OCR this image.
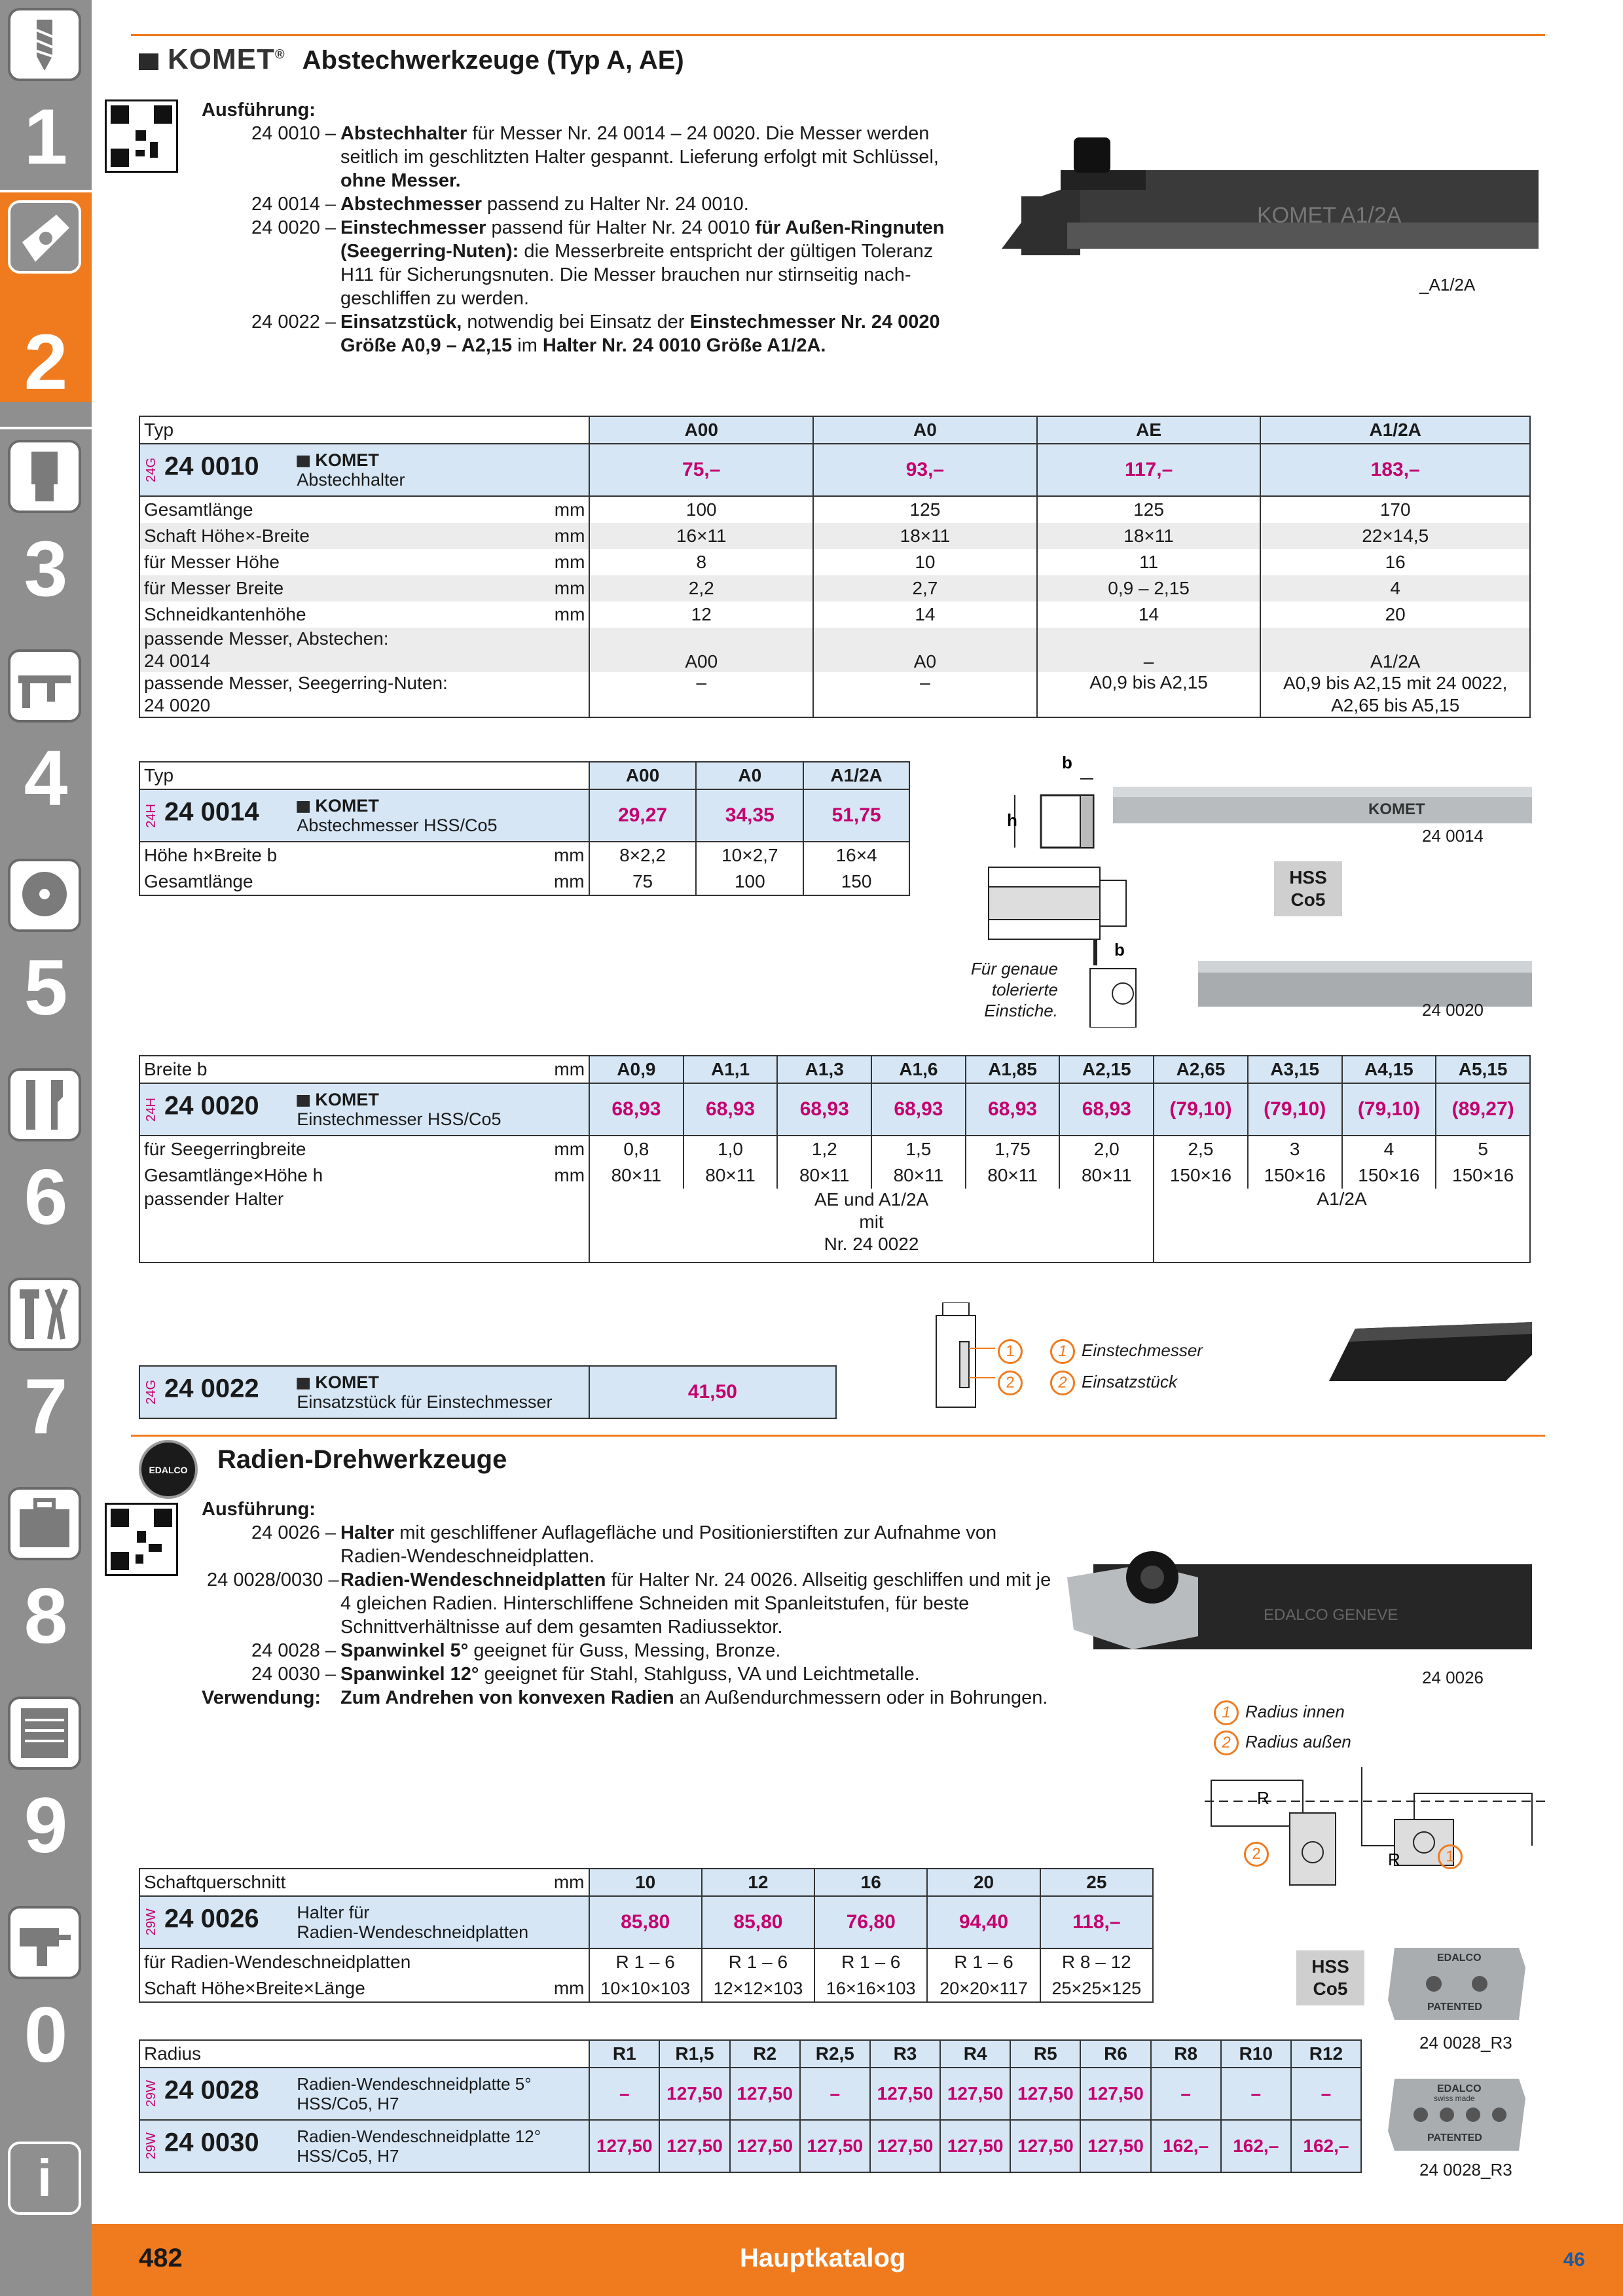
1
2
3
4
5
6
7
8
9
0
i
KOMET® Abstechwerkzeuge (Typ A, AE)
Ausführung:
24 0010 – Abstechhalter für Messer Nr. 24 0014 – 24 0020. Die Messer werden seitlich im geschlitzten Halter gespannt. Lieferung erfolgt mit Schlüssel,
ohne Messer.
24 0014 – Abstechmesser passend zu Halter Nr. 24 0010.
24 0020 – Einstechmesser passend für Halter Nr. 24 0010 für Außen-Ringnuten (Seegerring-Nuten): die Messerbreite entspricht der gültigen Toleranz H11 für Sicherungsnuten. Die Messer brauchen nur stirnseitig nach-geschliffen zu werden.
24 0022 – Einsatzstück, notwendig bei Einsatz der Einstechmesser Nr. 24 0020 Größe A0,9 – A2,15 im Halter Nr. 24 0010 Größe A1/2A.
KOMET A1/2A
_A1/2A
Typ	A00	A0	AE	A1/2A
24G 24 0010 KOMET
Abstechhalter	75,–	93,–	117,–	183,–
Gesamtlänge mm	100	125	125	170
Schaft Höhe×-Breite mm	16×11	18×11	18×11	22×14,5
für Messer Höhe mm	8	10	11	16
für Messer Breite mm	2,2	2,7	0,9 – 2,15	4
Schneidkantenhöhe mm	12	14	14	20
passende Messer, Abstechen:
24 0014	A00	A0	–	A1/2A
passende Messer, Seegerring-Nuten:
24 0020	–	–	A0,9 bis A2,15	A0,9 bis A2,15 mit 24 0022,
A2,65 bis A5,15
Typ	A00	A0	A1/2A
24H 24 0014 KOMET
Abstechmesser HSS/Co5	29,27	34,35	51,75
Höhe h×Breite b mm	8×2,2	10×2,7	16×4
Gesamtlänge mm	75	100	150
b
h
b
KOMET
Für genaue
tolerierte Einstiche.
HSS
Co5
24 0014
24 0020
Breite b mm	A0,9	A1,1	A1,3	A1,6	A1,85	A2,15	A2,65	A3,15	A4,15	A5,15
24H 24 0020 KOMET
Einstechmesser HSS/Co5	68,93	68,93	68,93	68,93	68,93	68,93	(79,10)	(79,10)	(79,10)	(89,27)
für Seegerringbreite mm	0,8	1,0	1,2	1,5	1,75	2,0	2,5	3	4	5
Gesamtlänge×Höhe h mm	80×11	80×11	80×11	80×11	80×11	80×11	150×16	150×16	150×16	150×16
passender Halter	AE und A1/2A
mit
Nr. 24 0022						A1/2A			
24G 24 0022	KOMET
Einsatzstück für Einstechmesser	41,50
1
2
1 Einstechmesser
2 Einsatzstück
EDALCO	Radien-Drehwerkzeuge
Ausführung:
24 0026 – Halter mit geschliffener Auflagefläche und Positionierstiften zur Aufnahme von Radien-Wendeschneidplatten.
24 0028/0030 – Radien-Wendeschneidplatten für Halter Nr. 24 0026. Allseitig geschliffen und mit je 4 gleichen Radien. Hinterschliffene Schneiden mit Spanleitstufen, für beste Schnittverhältnisse auf dem gesamten Radiussektor.
24 0028 – Spanwinkel 5° geeignet für Guss, Messing, Bronze.
24 0030 – Spanwinkel 12° geeignet für Stahl, Stahlguss, VA und Leichtmetalle.
Verwendung: Zum Andrehen von konvexen Radien an Außendurchmessern oder in Bohrungen.
EDALCO GENEVE
24 0026
1 Radius innen
2 Radius außen
R
R
2	1
Schaftquerschnitt mm	10	12	16	20	25
29W 24 0026 Halter für
Radien-Wendeschneidplatten	85,80	85,80	76,80	94,40	118,–
für Radien-Wendeschneidplatten	R 1 – 6	R 1 – 6	R 1 – 6	R 1 – 6	R 8 – 12
Schaft Höhe×Breite×Länge mm	10×10×103	12×12×103	16×16×103	20×20×117	25×25×125
Radius	R1	R1,5	R2	R2,5	R3	R4	R5	R6	R8	R10	R12
29W 24 0028 Radien-Wendeschneidplatte 5°
HSS/Co5, H7	–	127,50	127,50	–	127,50	127,50	127,50	127,50	–	–	–
29W 24 0030 Radien-Wendeschneidplatte 12°
HSS/Co5, H7	127,50	127,50	127,50	127,50	127,50	127,50	127,50	127,50	162,–	162,–	162,–
HSS
Co5
EDALCO
PATENTED
24 0028_R3
EDALCO
swiss made
PATENTED
24 0028_R3
482	Hauptkatalog	46
